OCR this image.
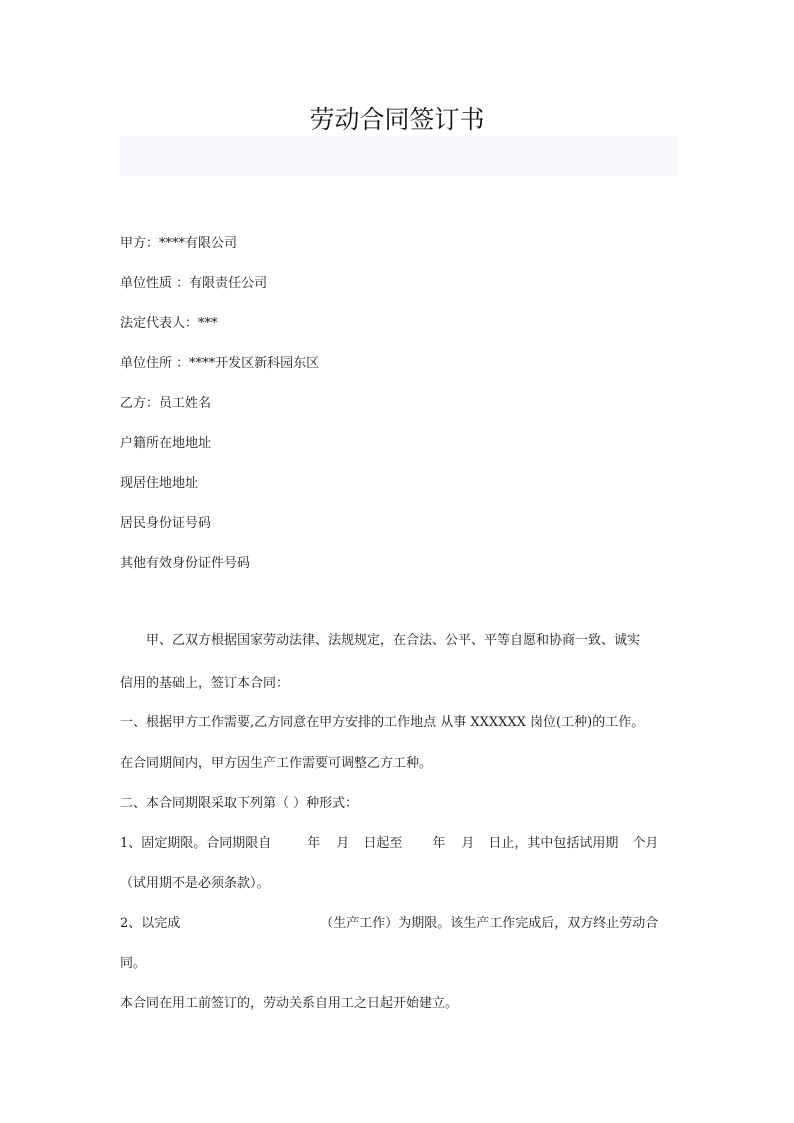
劳动合同签订书
甲方：****有限公司
单位性质 ：有限责任公司
法定代表人：***
单位住所 ：****开发区新科园东区
乙方：员工姓名
户籍所在地地址
现居住地地址
居民身份证号码
其他有效身份证件号码
甲、乙双方根据国家劳动法律、法规规定，在合法、公平、平等自愿和协商一致、诚实
信用的基础上，签订本合同：
一、根据甲方工作需要,乙方同意在甲方安排的工作地点 从事 XXXXXX 岗位(工种)的工作。
在合同期间内，甲方因生产工作需要可调整乙方工种。
二、本合同期限采取下列第（ ）种形式：
1、固定期限。合同期限自	年 月 日起至 年 月 日止，其中包括试用期 个月
（试用期不是必须条款）。
2、以完成	（生产工作）为期限。该生产工作完成后，双方终止劳动合
同。
本合同在用工前签订的，劳动关系自用工之日起开始建立。
